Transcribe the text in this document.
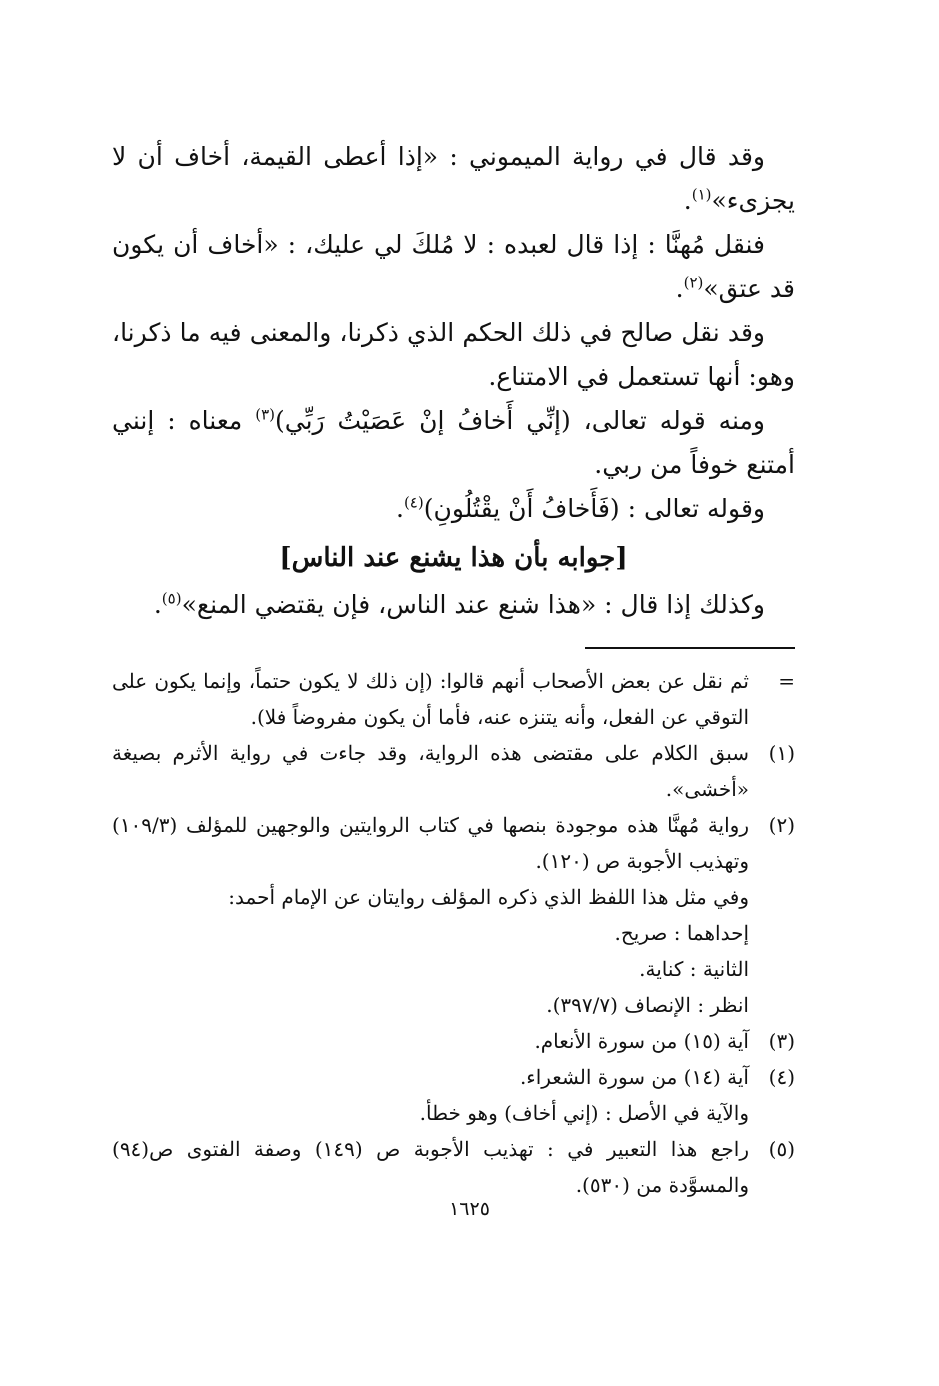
وقد قال في رواية الميموني : «إذا أعطى القيمة، أخاف أن لا يجزىء»$^{(١)}$.

فنقل مُهنَّا : إذا قال لعبده : لا مُلكَ لي عليك، : «أخاف أن يكون قد عتق»$^{(٢)}$.

وقد نقل صالح في ذلك الحكم الذي ذكرنا، والمعنى فيه ما ذكرنا، وهو: أنها تستعمل في الامتناع.

ومنه قوله تعالى، (إنِّي أَخافُ إنْ عَصَيْتُ رَبِّي)$^{(٣)}$ معناه : إنني أمتنع خوفاً من ربي.

وقوله تعالى : (فَأَخافُ أَنْ يقْتُلُونِ)$^{(٤)}$.

[جوابه بأن هذا يشنع عند الناس]

وكذلك إذا قال : «هذا شنع عند الناس، فإن يقتضي المنع»$^{(٥)}$.

=
ثم نقل عن بعض الأصحاب أنهم قالوا: (إن ذلك لا يكون حتماً، وإنما يكون على التوقي عن الفعل، وأنه يتنزه عنه، فأما أن يكون مفروضاً فلا).
(١)
سبق الكلام على مقتضى هذه الرواية، وقد جاءت في رواية الأثرم بصيغة «أخشى».
(٢)
رواية مُهنَّا هذه موجودة بنصها في كتاب الروايتين والوجهين للمؤلف (١٠٩/٣) وتهذيب الأجوبة ص (١٢٠).
وفي مثل هذا اللفظ الذي ذكره المؤلف روايتان عن الإمام أحمد:
إحداهما : صريح.
الثانية : كناية.
انظر : الإنصاف (٣٩٧/٧).
(٣)
آية (١٥) من سورة الأنعام.
(٤)
آية (١٤) من سورة الشعراء.
والآية في الأصل : (إني أخاف) وهو خطأ.
(٥)
راجع هذا التعبير في : تهذيب الأجوبة ص (١٤٩) وصفة الفتوى ص(٩٤) والمسوَّدة من (٥٣٠).
١٦٢٥
